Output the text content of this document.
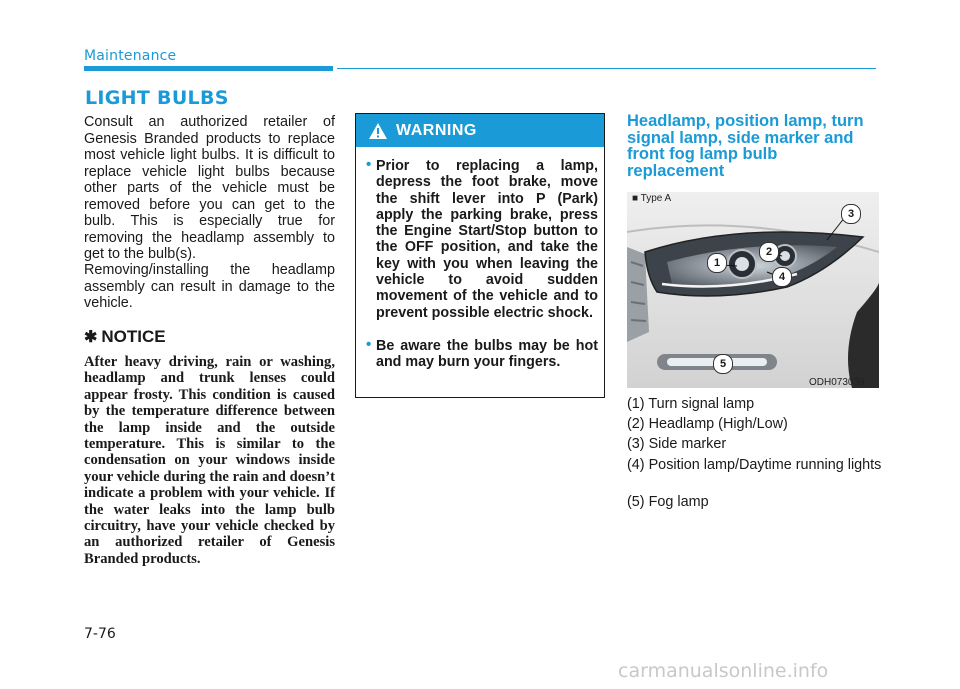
Maintenance
LIGHT BULBS

Consult an authorized retailer of Genesis Branded products to replace most vehicle light bulbs. It is difficult to replace vehicle light bulbs because other parts of the vehicle must be removed before you can get to the bulb. This is especially true for removing the headlamp assembly to get to the bulb(s).

Removing/installing the headlamp assembly can result in damage to the vehicle.

✱ NOTICE

After heavy driving, rain or washing, headlamp and trunk lenses could appear frosty. This condition is caused by the temperature difference between the lamp inside and the outside temperature. This is similar to the condensation on your windows inside your vehicle during the rain and doesn’t indicate a problem with your vehicle. If the water leaks into the lamp bulb circuitry, have your vehicle checked by an authorized retailer of Genesis Branded products.

WARNING
• Prior to replacing a lamp, depress the foot brake, move the shift lever into P (Park) apply the parking brake, press the Engine Start/Stop button to the OFF position, and take the key with you when leaving the vehicle to avoid sudden movement of the vehicle and to prevent possible electric shock.
• Be aware the bulbs may be hot and may burn your fingers.
Headlamp, position lamp, turn signal lamp, side marker and front fog lamp bulb replacement
1
2
3
4
5
■ Type A
ODH073039
(1) Turn signal lamp
(2) Headlamp (High/Low)
(3) Side marker
(4) Position lamp/Daytime running lights
(5) Fog lamp
7-76
carmanualsonline.info
